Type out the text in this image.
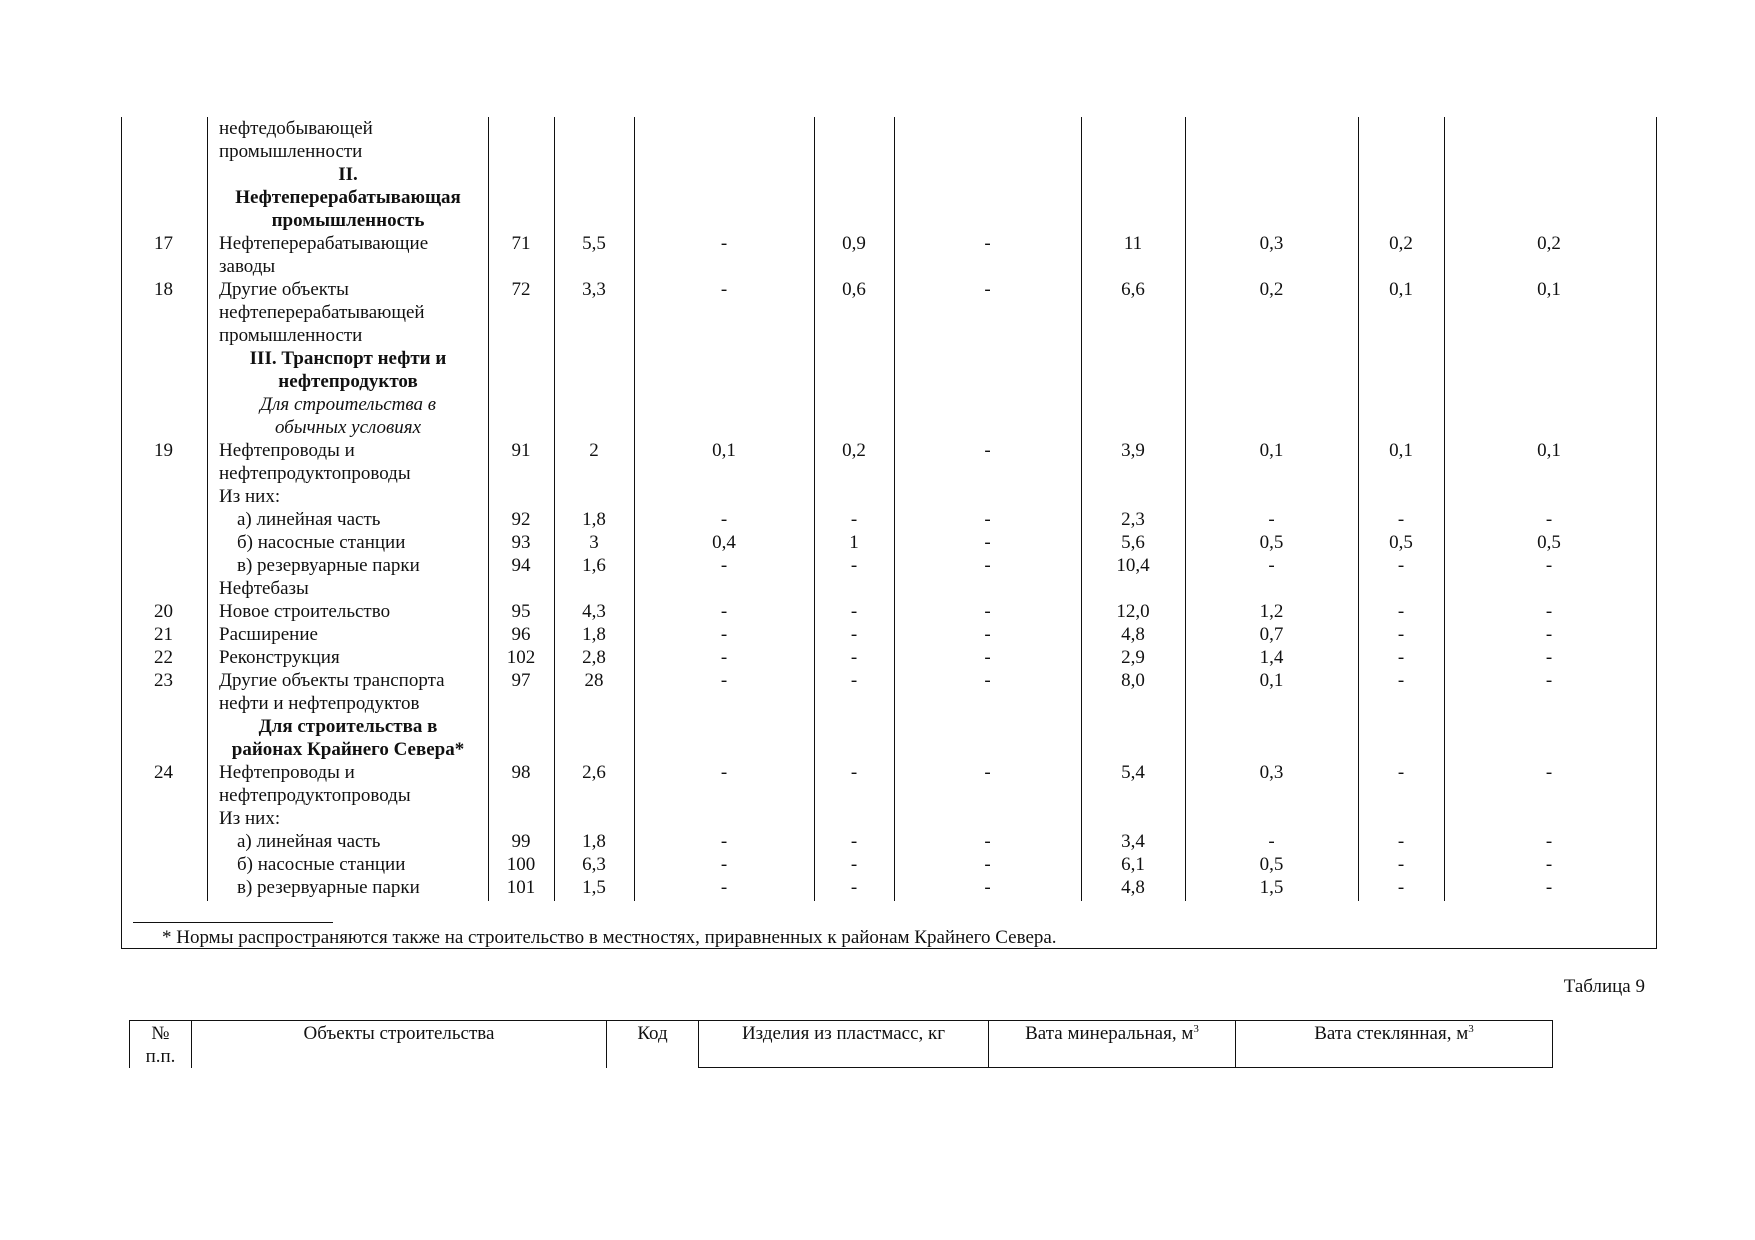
нефтедобывающей
промышленности
II.
Нефтеперерабатывающая
промышленность
17	Нефтеперерабатывающие	71	5,5	-	0,9	-	11	0,3	0,2	0,2
заводы
18	Другие объекты	72	3,3	-	0,6	-	6,6	0,2	0,1	0,1
нефтеперерабатывающей
промышленности
III. Транспорт нефти и
нефтепродуктов
Для строительства в
обычных условиях
19	Нефтепроводы и	91	2	0,1	0,2	-	3,9	0,1	0,1	0,1
нефтепродуктопроводы
Из них:
а) линейная часть	92	1,8	-	-	-	2,3	-	-	-
б) насосные станции	93	3	0,4	1	-	5,6	0,5	0,5	0,5
в) резервуарные парки	94	1,6	-	-	-	10,4	-	-	-
Нефтебазы
20	Новое строительство	95	4,3	-	-	-	12,0	1,2	-	-
21	Расширение	96	1,8	-	-	-	4,8	0,7	-	-
22	Реконструкция	102	2,8	-	-	-	2,9	1,4	-	-
23	Другие объекты транспорта	97	28	-	-	-	8,0	0,1	-	-
нефти и нефтепродуктов
Для строительства в
районах Крайнего Севера*
24	Нефтепроводы и	98	2,6	-	-	-	5,4	0,3	-	-
нефтепродуктопроводы
Из них:
а) линейная часть	99	1,8	-	-	-	3,4	-	-	-
б) насосные станции	100	6,3	-	-	-	6,1	0,5	-	-
в) резервуарные парки	101	1,5	-	-	-	4,8	1,5	-	-
* Нормы распространяются также на строительство в местностях, приравненных к районам Крайнего Севера.
Таблица 9
№
п.п.
Объекты строительства	Код	Изделия из пластмасс, кг	Вата минеральная, $м^3$	Вата стеклянная, $м^3$
